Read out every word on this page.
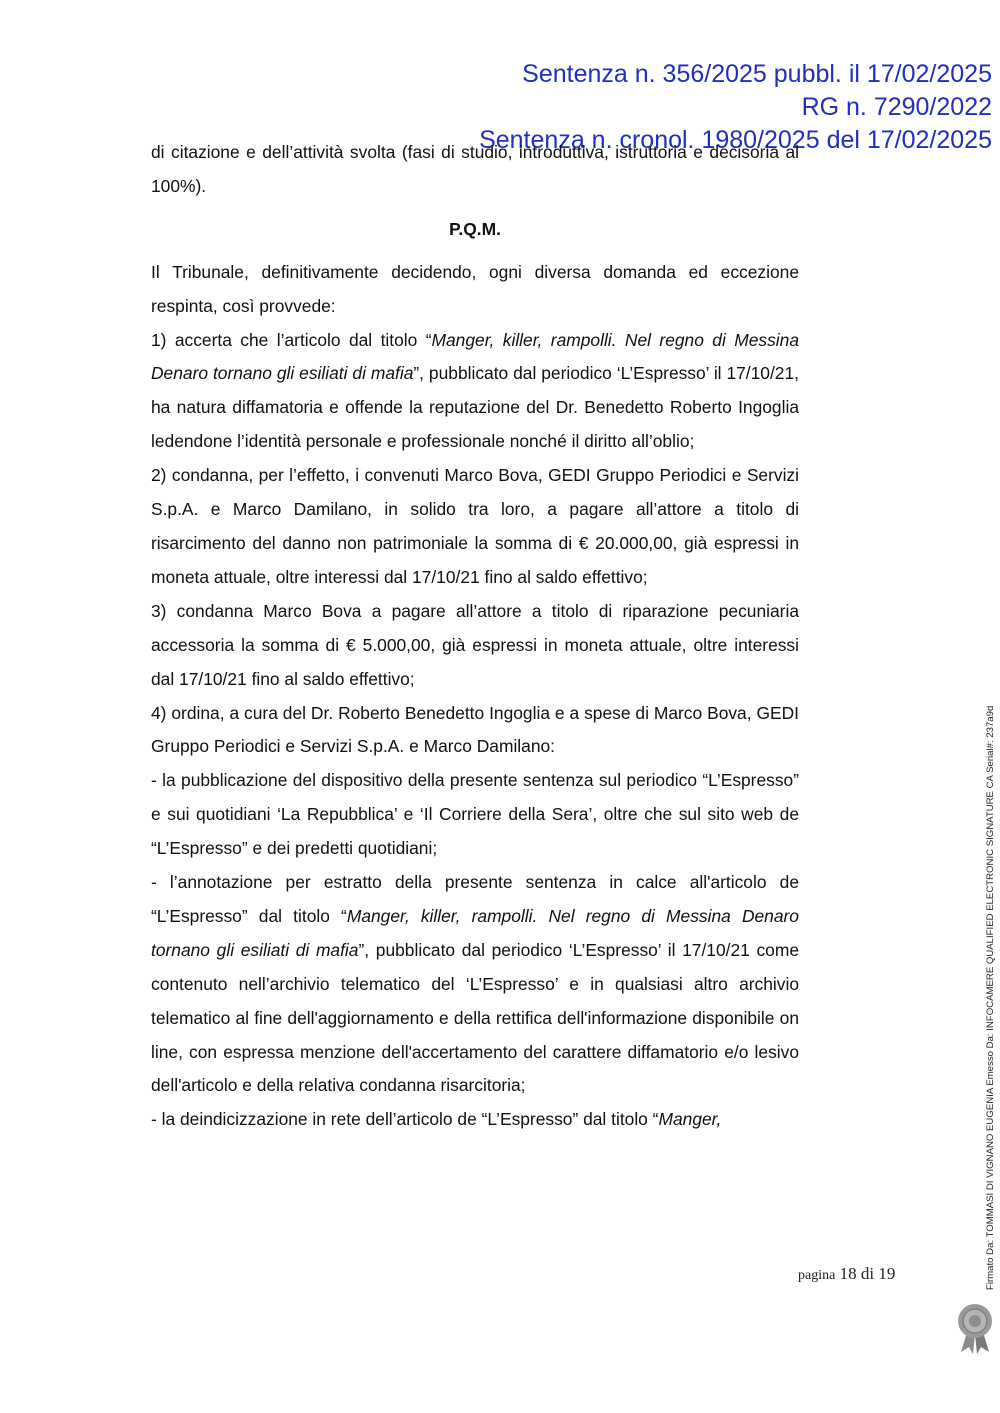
Sentenza n. 356/2025 pubbl. il 17/02/2025
RG n. 7290/2022
Sentenza n. cronol. 1980/2025 del 17/02/2025

di citazione e dell’attività svolta (fasi di studio, introduttiva, istruttoria e decisoria al 100%).

P.Q.M.

Il Tribunale, definitivamente decidendo, ogni diversa domanda ed eccezione respinta, così provvede:

1) accerta che l’articolo dal titolo “Manger, killer, rampolli. Nel regno di Messina Denaro tornano gli esiliati di mafia”, pubblicato dal periodico ‘L’Espresso’ il 17/10/21, ha natura diffamatoria e offende la reputazione del Dr. Benedetto Roberto Ingoglia ledendone l’identità personale e professionale nonché il diritto all’oblio;

2) condanna, per l’effetto, i convenuti Marco Bova, GEDI Gruppo Periodici e Servizi S.p.A. e Marco Damilano, in solido tra loro, a pagare all’attore a titolo di risarcimento del danno non patrimoniale la somma di € 20.000,00, già espressi in moneta attuale, oltre interessi dal 17/10/21 fino al saldo effettivo;

3) condanna Marco Bova a pagare all’attore a titolo di riparazione pecuniaria accessoria la somma di € 5.000,00, già espressi in moneta attuale, oltre interessi dal 17/10/21 fino al saldo effettivo;

4) ordina, a cura del Dr. Roberto Benedetto Ingoglia e a spese di Marco Bova, GEDI Gruppo Periodici e Servizi S.p.A. e Marco Damilano:

- la pubblicazione del dispositivo della presente sentenza sul periodico “L’Espresso” e sui quotidiani ‘La Repubblica’ e ‘Il Corriere della Sera’, oltre che sul sito web de “L’Espresso” e dei predetti quotidiani;

- l’annotazione per estratto della presente sentenza in calce all'articolo de “L’Espresso” dal titolo “Manger, killer, rampolli. Nel regno di Messina Denaro tornano gli esiliati di mafia”, pubblicato dal periodico ‘L’Espresso’ il 17/10/21 come contenuto nell’archivio telematico del ‘L’Espresso’ e in qualsiasi altro archivio telematico al fine dell'aggiornamento e della rettifica dell'informazione disponibile on line, con espressa menzione dell'accertamento del carattere diffamatorio e/o lesivo dell'articolo e della relativa condanna risarcitoria;

- la deindicizzazione in rete dell’articolo de “L’Espresso” dal titolo “Manger,

pagina 18 di 19	Firmato Da: TOMMASI DI VIGNANO EUGENIA Emesso Da: INFOCAMERE QUALIFIED ELECTRONIC SIGNATURE CA Serial#: 237a9d
